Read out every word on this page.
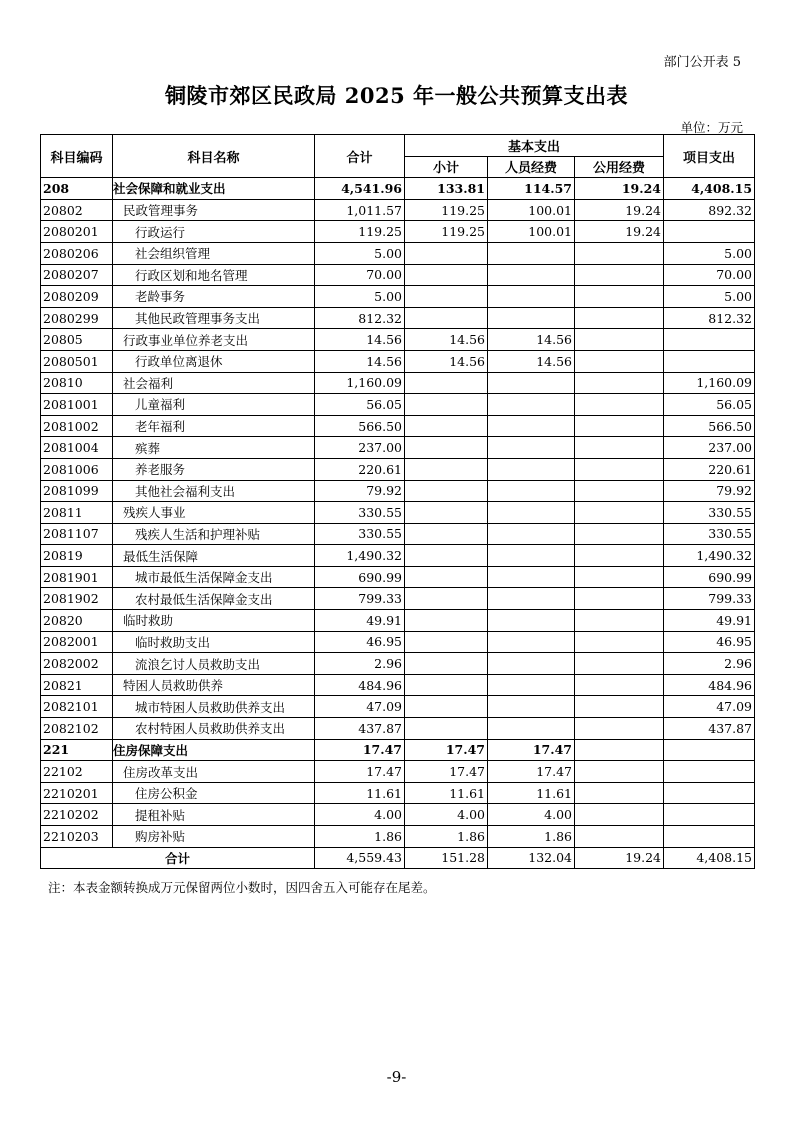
部门公开表 5
铜陵市郊区民政局 2025 年一般公共预算支出表
单位：万元
科目编码	科目名称	合计	基本支出			项目支出
			小计	人员经费	公用经费	
208	社会保障和就业支出	4,541.96	133.81	114.57	19.24	4,408.15
20802	民政管理事务	1,011.57	119.25	100.01	19.24	892.32
2080201	行政运行	119.25	119.25	100.01	19.24	
2080206	社会组织管理	5.00				5.00
2080207	行政区划和地名管理	70.00				70.00
2080209	老龄事务	5.00				5.00
2080299	其他民政管理事务支出	812.32				812.32
20805	行政事业单位养老支出	14.56	14.56	14.56		
2080501	行政单位离退休	14.56	14.56	14.56		
20810	社会福利	1,160.09				1,160.09
2081001	儿童福利	56.05				56.05
2081002	老年福利	566.50				566.50
2081004	殡葬	237.00				237.00
2081006	养老服务	220.61				220.61
2081099	其他社会福利支出	79.92				79.92
20811	残疾人事业	330.55				330.55
2081107	残疾人生活和护理补贴	330.55				330.55
20819	最低生活保障	1,490.32				1,490.32
2081901	城市最低生活保障金支出	690.99				690.99
2081902	农村最低生活保障金支出	799.33				799.33
20820	临时救助	49.91				49.91
2082001	临时救助支出	46.95				46.95
2082002	流浪乞讨人员救助支出	2.96				2.96
20821	特困人员救助供养	484.96				484.96
2082101	城市特困人员救助供养支出	47.09				47.09
2082102	农村特困人员救助供养支出	437.87				437.87
221	住房保障支出	17.47	17.47	17.47		
22102	住房改革支出	17.47	17.47	17.47		
2210201	住房公积金	11.61	11.61	11.61		
2210202	提租补贴	4.00	4.00	4.00		
2210203	购房补贴	1.86	1.86	1.86		
合计		4,559.43	151.28	132.04	19.24	4,408.15
注：本表金额转换成万元保留两位小数时，因四舍五入可能存在尾差。
-9-
